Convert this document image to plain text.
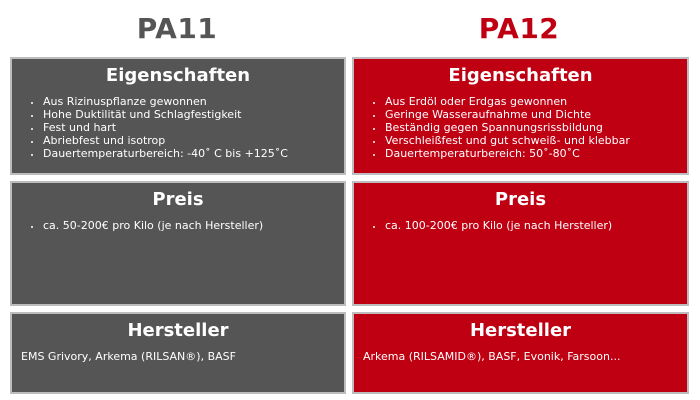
PA11	PA12
Eigenschaften
• Aus Rizinuspflanze gewonnen
• Hohe Duktilität und Schlagfestigkeit
• Fest und hart
• Abriebfest und isotrop
• Dauertemperaturbereich: -40˚ C bis +125˚C
Eigenschaften
• Aus Erdöl oder Erdgas gewonnen
• Geringe Wasseraufnahme und Dichte
• Beständig gegen Spannungsrissbildung
• Verschleißfest und gut schweiß- und klebbar
• Dauertemperaturbereich: 50˚-80˚C
Preis
• ca. 50-200€ pro Kilo (je nach Hersteller)
Preis
• ca. 100-200€ pro Kilo (je nach Hersteller)
Hersteller
EMS Grivory, Arkema (RILSAN®), BASF
Hersteller
Arkema (RILSAMID®), BASF, Evonik, Farsoon...
